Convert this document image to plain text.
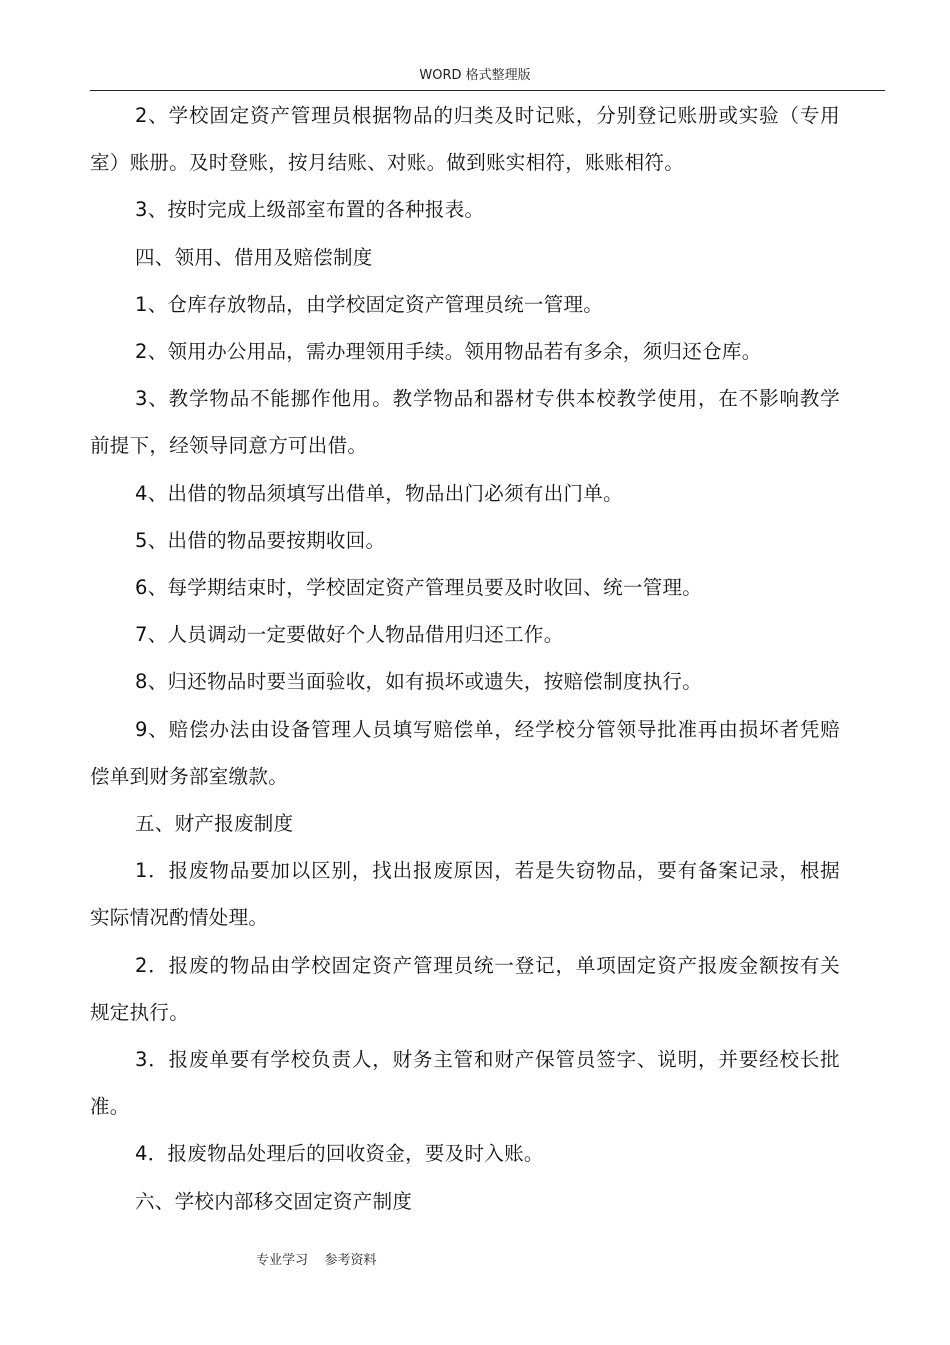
WORD 格式整理版

2、学校固定资产管理员根据物品的归类及时记账，分别登记账册或实验（专用室）账册。及时登账，按月结账、对账。做到账实相符，账账相符。

3、按时完成上级部室布置的各种报表。

四、领用、借用及赔偿制度

1、仓库存放物品，由学校固定资产管理员统一管理。

2、领用办公用品，需办理领用手续。领用物品若有多余，须归还仓库。

3、教学物品不能挪作他用。教学物品和器材专供本校教学使用，在不影响教学前提下，经领导同意方可出借。

4、出借的物品须填写出借单，物品出门必须有出门单。

5、出借的物品要按期收回。

6、每学期结束时，学校固定资产管理员要及时收回、统一管理。

7、人员调动一定要做好个人物品借用归还工作。

8、归还物品时要当面验收，如有损坏或遗失，按赔偿制度执行。

9、赔偿办法由设备管理人员填写赔偿单，经学校分管领导批准再由损坏者凭赔偿单到财务部室缴款。

五、财产报废制度

1．报废物品要加以区别，找出报废原因，若是失窃物品，要有备案记录，根据实际情况酌情处理。

2．报废的物品由学校固定资产管理员统一登记，单项固定资产报废金额按有关规定执行。

3．报废单要有学校负责人，财务主管和财产保管员签字、说明，并要经校长批准。

4．报废物品处理后的回收资金，要及时入账。

六、学校内部移交固定资产制度

专业学习    参考资料
